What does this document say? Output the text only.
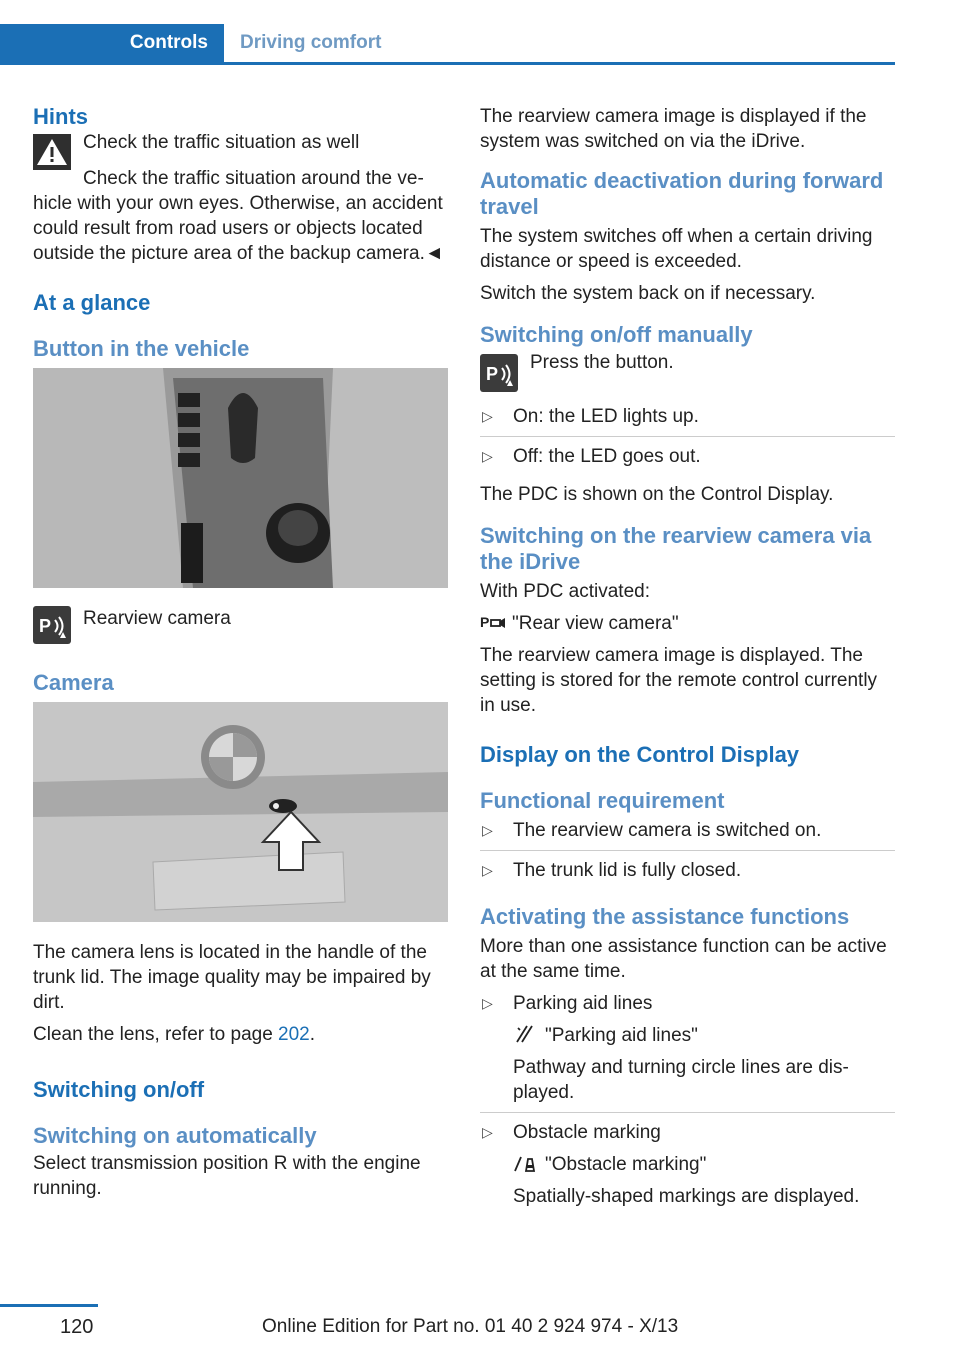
Controls	Driving comfort
Hints
Check the traffic situation as well

Check the traffic situation around the vehicle with your own eyes. Otherwise, an accident could result from road users or objects located outside the picture area of the backup camera.◄

At a glance
Button in the vehicle
P Rearview camera
Camera

The camera lens is located in the handle of the trunk lid. The image quality may be impaired by dirt.

Clean the lens, refer to page 202.

Switching on/off
Switching on automatically

Select transmission position R with the engine running.

The rearview camera image is displayed if the system was switched on via the iDrive.

Automatic deactivation during forward travel

The system switches off when a certain driving distance or speed is exceeded.

Switch the system back on if necessary.

Switching on/off manually
P
Press the button.
▷ On: the LED lights up.
▷ Off: the LED goes out.

The PDC is shown on the Control Display.

Switching on the rearview camera via the iDrive

With PDC activated:

P "Rear view camera"

The rearview camera image is displayed. The setting is stored for the remote control currently in use.

Display on the Control Display
Functional requirement
▷ The rearview camera is switched on.
▷ The trunk lid is fully closed.
Activating the assistance functions

More than one assistance function can be active at the same time.

▷ Parking aid lines
"Parking aid lines"
Pathway and turning circle lines are displayed.
▷ Obstacle marking
"Obstacle marking"
Spatially-shaped markings are displayed.
120	Online Edition for Part no. 01 40 2 924 974 - X/13
